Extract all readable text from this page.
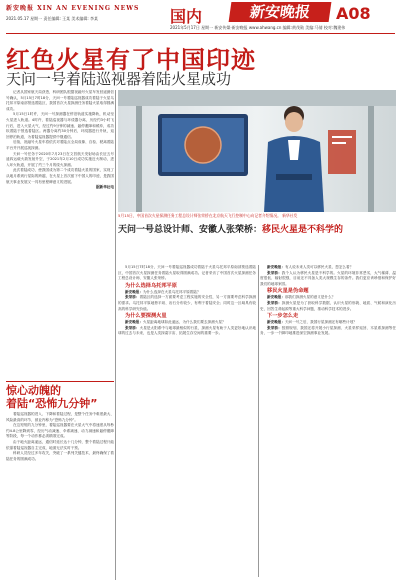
新安晚报 XIN AN EVENING NEWS
2021.05.17 星期一 责任编辑: 王某 美术编辑: 李某	国内	新安晚报	A08
2021年5月17日 星期一 新安传媒·新安晚报 www.ahwang.cn 编辑:黄茂勋 美编:马倩 校对:魏建伟
红色火星有了中国印迹
天问一号着陆巡视器着陆火星成功

记者从国家航天局获悉，科研团队根据祝融号火星车发回遥测信号确认，5月15日7时18分，天问一号着陆巡视器成功着陆于火星乌托邦平原南部预选着陆区，我国首次火星探测任务着陆火星取得圆满成功。

5月15日1时许，天问一号探测器在停泊轨道实施降轨，机动至火星进入轨道。4时许，着陆巡视器与环绕器分离，历经约3小时飞行后，进入火星大气，经过约9分钟的减速、悬停避障和缓冲，成功软着陆于预选着陆区。两器分离约30分钟后，环绕器进行升轨，返回停泊轨道，为着陆巡视器提供中继通信。

后续，祝融号火星车将依次对着陆点全局成像、自检、驶离着陆平台并开展巡视探测。

天问一号任务于2020年7月23日在文昌航天发射场由长征五号遥四运载火箭发射升空，于2021年2月10日成功实施近火制动，进入环火轨道，开展了约三个月的绕火探测。

此次着陆成功，使我国成为第二个成功着陆火星的国家，实现了从地月系到行星际的跨越，在火星上首次留下中国人的印迹，是我国航天事业发展又一具有里程碑意义的进展。

据新华社电

惊心动魄的
着陆“恐怖九分钟”

着陆巡视器的进入、下降和着陆过程，是整个任务中难度最大、风险最高的环节，被业内称为“恐怖九分钟”。

在这短短的九分钟里，着陆巡视器要在火星大气中将速度从每秒约4.8公里降到零，经历气动减速、伞系减速、动力减速和悬停避障等阶段，每一个动作都必须精准完成。

由于地火距离遥远，通信时延长达十几分钟，整个着陆过程只能依靠着陆巡视器自主完成，地面无法实时干预。

科研人员经过多年攻关，突破了一系列关键技术，最终确保了着陆任务的圆满成功。

5月15日，中国首次火星探测任务工程总设计师张荣桥在北京航天飞行控制中心向记者介绍情况。 新华社发
天问一号总设计师、安徽人张荣桥：移民火星是不科学的

5月15日7时18分，天问一号着陆巡视器成功着陆于火星乌托邦平原南部预选着陆区，中国首次火星探测任务着陆火星取得圆满成功。记者采访了中国首次火星探测任务工程总设计师、安徽人张荣桥。

为什么选择乌托邦平原

新安晚报：为什么选择在火星乌托邦平原着陆？

张荣桥：着陆区的选择一方面要考虑工程实施的安全性，另一方面要考虑科学探测的需求。乌托邦平原地势平坦、岩石分布较少，有利于着陆安全；同时这一区域具有较高的科学研究价值。

为什么要探测火星

新安晚报：火星距离地球如此遥远，为什么我们要去探测火星？

张荣桥：火星是太阳系中与地球最相似的行星，探测火星有助于人类更好地认识地球的过去与未来，也是人类探索宇宙、拓展生存空间的重要一步。

新安晚报：有人说未来人类可以移民火星，您怎么看？

张荣桥：我个人认为移民火星是不科学的。火星的环境非常恶劣，大气稀薄、温度很低、辐射很强，目前还不具备人类大规模生存的条件。我们更应该珍惜和保护好我们的地球家园。

移民火星是伪命题

新安晚报：那我们探测火星的意义是什么？

张荣桥：探测火星是为了获取科学数据，认识火星的形貌、地质、气候和演化历史，回答生命起源等重大科学问题，推动科学技术的进步。

下一步怎么走

新安晚报：天问一号之后，我国行星探测还有哪些计划？

张荣桥：按照规划，我国还将开展小行星探测、火星采样返回、木星系探测等任务，一步一个脚印地推进深空探测事业发展。
